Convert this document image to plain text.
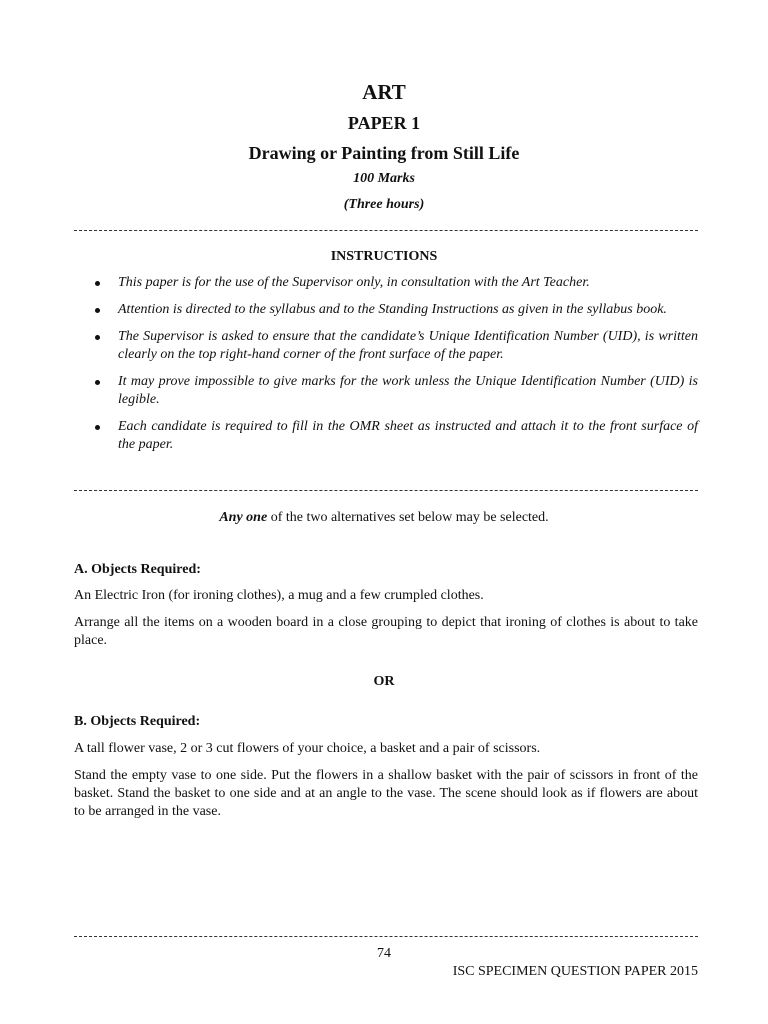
ART
PAPER 1
Drawing or Painting from Still Life
100 Marks
(Three hours)
INSTRUCTIONS
This paper is for the use of the Supervisor only, in consultation with the Art Teacher.
Attention is directed to the syllabus and to the Standing Instructions as given in the syllabus book.
The Supervisor is asked to ensure that the candidate’s Unique Identification Number (UID), is written clearly on the top right-hand corner of the front surface of the paper.
It may prove impossible to give marks for the work unless the Unique Identification Number (UID) is legible.
Each candidate is required to fill in the OMR sheet as instructed and attach it to the front surface of the paper.
Any one of the two alternatives set below may be selected.
A. Objects Required:
An Electric Iron (for ironing clothes), a mug and a few crumpled clothes.
Arrange all the items on a wooden board in a close grouping to depict that ironing of clothes is about to take place.
OR
B. Objects Required:
A tall flower vase, 2 or 3 cut flowers of your choice, a basket and a pair of scissors.
Stand the empty vase to one side. Put the flowers in a shallow basket with the pair of scissors in front of the basket. Stand the basket to one side and at an angle to the vase. The scene should look as if flowers are about to be arranged in the vase.
74
ISC SPECIMEN QUESTION PAPER 2015
